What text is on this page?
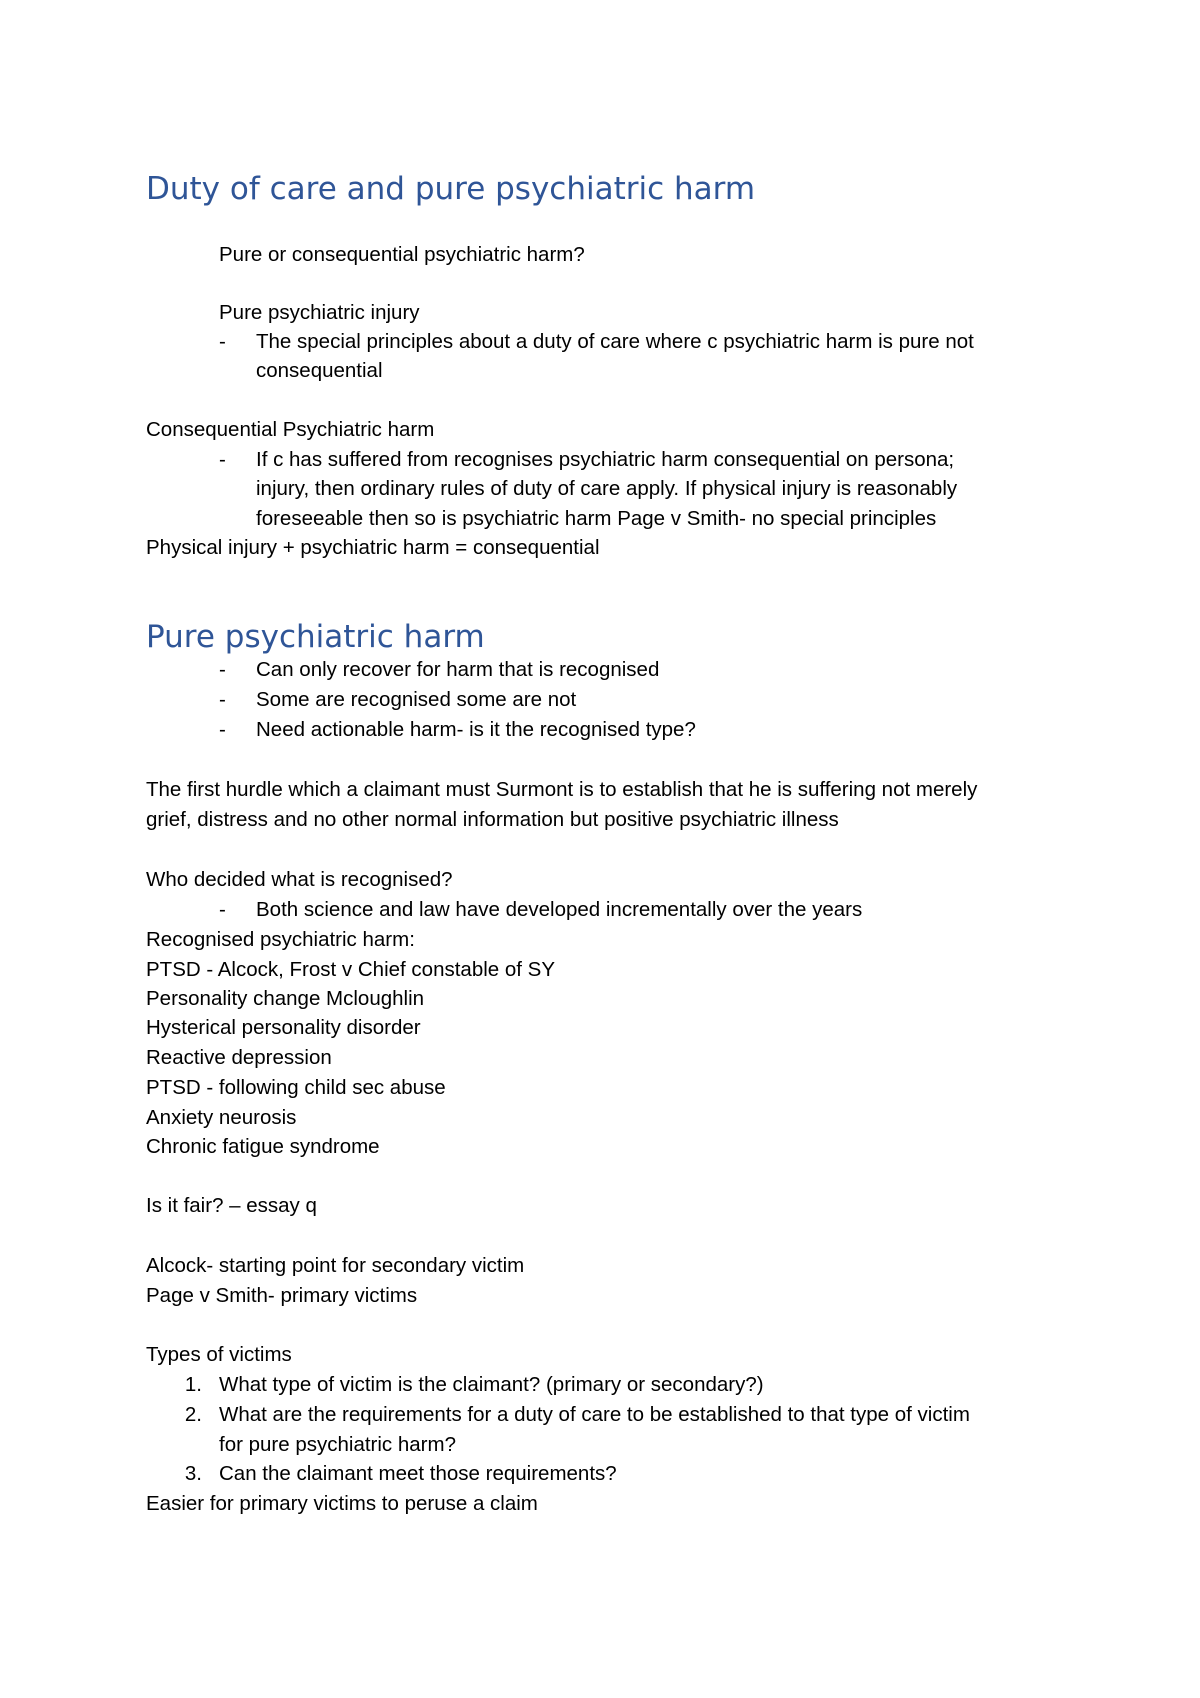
Duty of care and pure psychiatric harm
Pure or consequential psychiatric harm?
Pure psychiatric injury
- The special principles about a duty of care where c psychiatric harm is pure not
consequential
Consequential Psychiatric harm
- If c has suffered from recognises psychiatric harm consequential on persona;
injury, then ordinary rules of duty of care apply. If physical injury is reasonably
foreseeable then so is psychiatric harm Page v Smith- no special principles
Physical injury + psychiatric harm = consequential
Pure psychiatric harm
- Can only recover for harm that is recognised
- Some are recognised some are not
- Need actionable harm- is it the recognised type?
The first hurdle which a claimant must Surmont is to establish that he is suffering not merely
grief, distress and no other normal information but positive psychiatric illness
Who decided what is recognised?
- Both science and law have developed incrementally over the years
Recognised psychiatric harm:
PTSD - Alcock, Frost v Chief constable of SY
Personality change Mcloughlin
Hysterical personality disorder
Reactive depression
PTSD - following child sec abuse
Anxiety neurosis
Chronic fatigue syndrome
Is it fair? – essay q
Alcock- starting point for secondary victim
Page v Smith- primary victims
Types of victims
1. What type of victim is the claimant? (primary or secondary?)
2. What are the requirements for a duty of care to be established to that type of victim
for pure psychiatric harm?
3. Can the claimant meet those requirements?
Easier for primary victims to peruse a claim
